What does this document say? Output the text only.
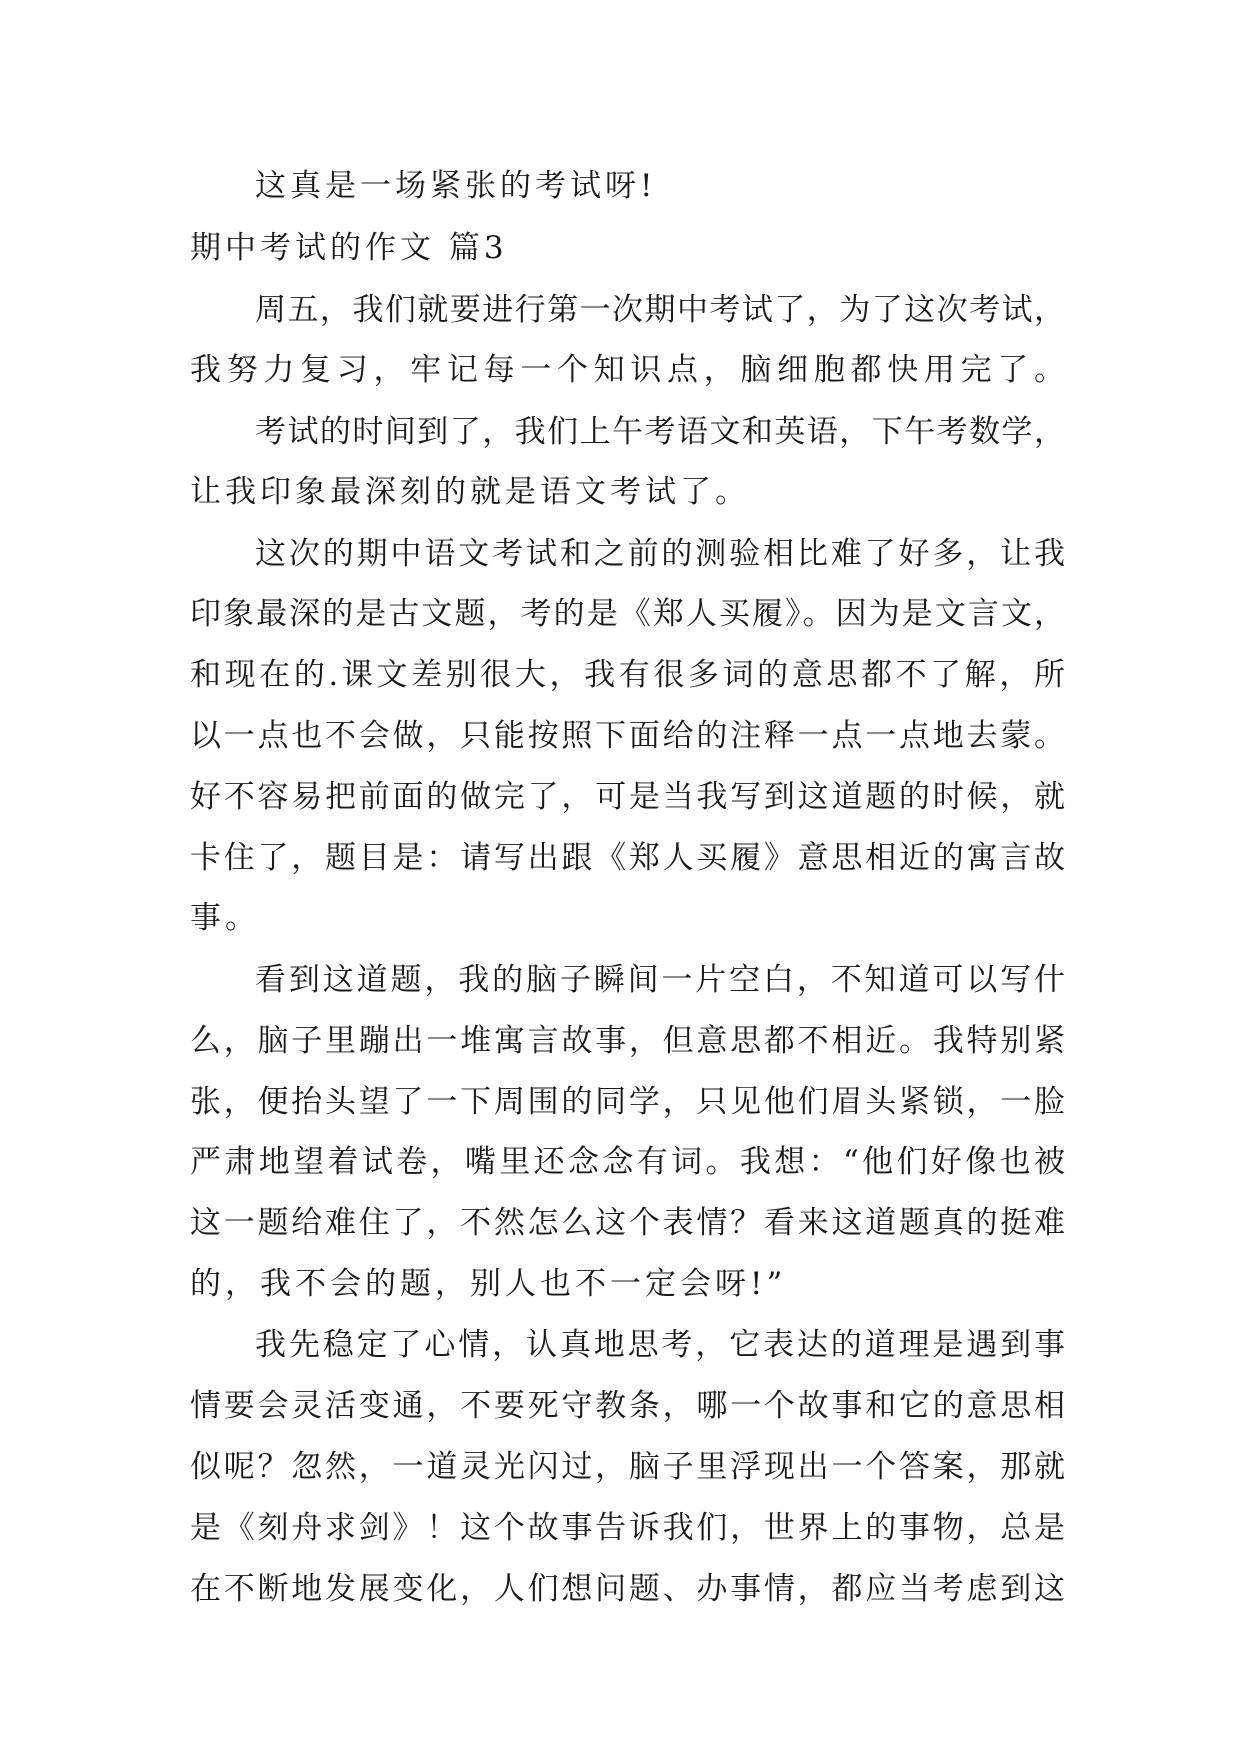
这真是一场紧张的考试呀!

期中考试的作文 篇3

周五，我们就要进行第一次期中考试了，为了这次考试，

我努力复习，牢记每一个知识点，脑细胞都快用完了。

考试的时间到了，我们上午考语文和英语，下午考数学，

让我印象最深刻的就是语文考试了。

这次的期中语文考试和之前的测验相比难了好多，让我

印象最深的是古文题，考的是《郑人买履》。因为是文言文，

和现在的.课文差别很大，我有很多词的意思都不了解，所

以一点也不会做，只能按照下面给的注释一点一点地去蒙。

好不容易把前面的做完了，可是当我写到这道题的时候，就

卡住了，题目是：请写出跟《郑人买履》意思相近的寓言故

事。

看到这道题，我的脑子瞬间一片空白，不知道可以写什

么，脑子里蹦出一堆寓言故事，但意思都不相近。我特别紧

张，便抬头望了一下周围的同学，只见他们眉头紧锁，一脸

严肃地望着试卷，嘴里还念念有词。我想：“他们好像也被

这一题给难住了，不然怎么这个表情？看来这道题真的挺难

的，我不会的题，别人也不一定会呀!”

我先稳定了心情，认真地思考，它表达的道理是遇到事

情要会灵活变通，不要死守教条，哪一个故事和它的意思相

似呢？忽然，一道灵光闪过，脑子里浮现出一个答案，那就

是《刻舟求剑》！这个故事告诉我们，世界上的事物，总是

在不断地发展变化，人们想问题、办事情，都应当考虑到这
